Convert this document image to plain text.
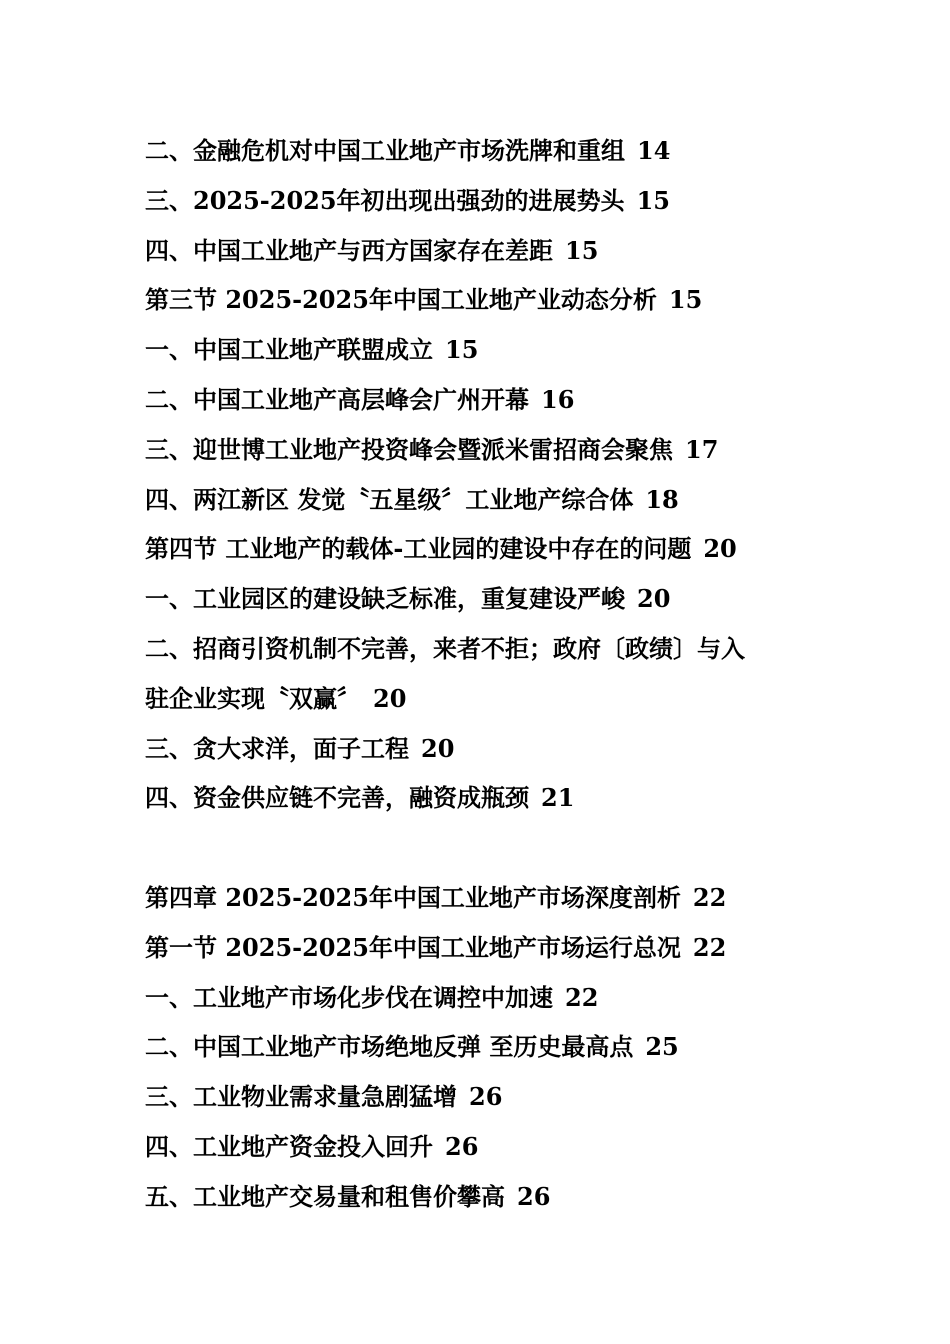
二、金融危机对中国工业地产市场洗牌和重组 14
三、2025-2025年初出现出强劲的进展势头 15
四、中国工业地产与西方国家存在差距 15
第三节 2025-2025年中国工业地产业动态分析 15
一、中国工业地产联盟成立 15
二、中国工业地产高层峰会广州开幕 16
三、迎世博工业地产投资峰会暨派米雷招商会聚焦 17
四、两江新区 发觉〝五星级〞工业地产综合体 18
第四节 工业地产的载体-工业园的建设中存在的问题 20
一、工业园区的建设缺乏标准，重复建设严峻 20
二、招商引资机制不完善，来者不拒；政府〔政绩〕与入
驻企业实现〝双赢〞 20
三、贪大求洋，面子工程 20
四、资金供应链不完善，融资成瓶颈 21
第四章 2025-2025年中国工业地产市场深度剖析 22
第一节 2025-2025年中国工业地产市场运行总况 22
一、工业地产市场化步伐在调控中加速 22
二、中国工业地产市场绝地反弹 至历史最高点 25
三、工业物业需求量急剧猛增 26
四、工业地产资金投入回升 26
五、工业地产交易量和租售价攀高 26
